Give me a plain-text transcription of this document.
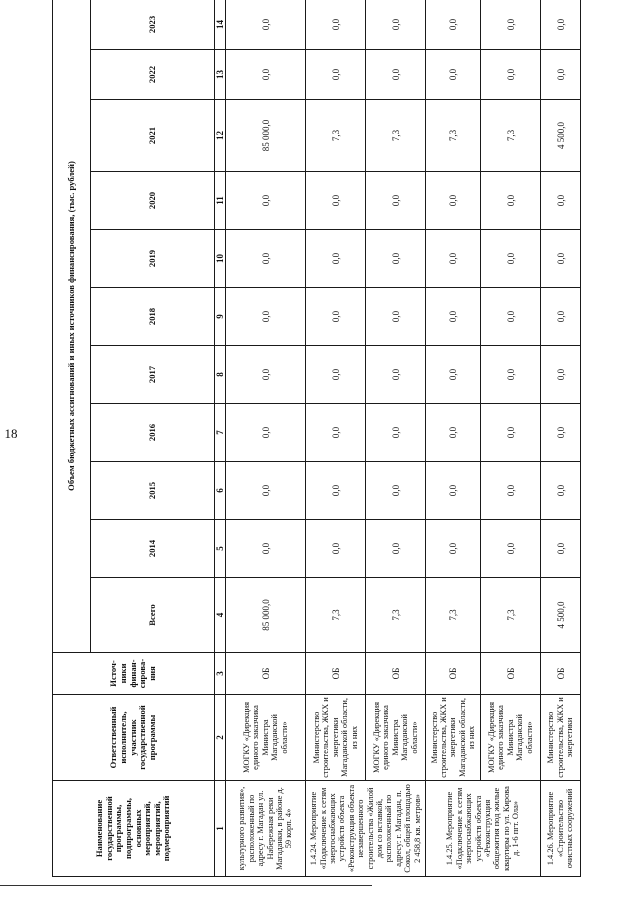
18
Наименование государственной программы, подпрограммы, основных мероприятий, мероприятий, подмероприятий	Ответственный исполнитель, участник государственной программы	Источ-ники финан-сирова-ния	Объем бюджетных ассигнований и иных источников финансирования, (тыс. рублей)										
			Всего	2014	2015	2016	2017	2018	2019	2020	2021	2022	2023
1	2	3	4	5	6	7	8	9	10	11	12	13	14
культурного развития», расположенный по адресу г. Магадан ул. Набережная реки Магаданки, в районе д. 59 корп. 4»	МОГКУ «Дирекция единого заказчика Министра Магаданской области»	ОБ	85 000,0	0,0	0,0	0,0	0,0	0,0	0,0	0,0	85 000,0	0,0	0,0
1.4.24. Мероприятие «Подключение к сетям энергоснабжающих устройств объекта «Реконструкция объекта незавершенного строительства «Жилой дом со вставкой, расположенный по адресу: г. Магадан, п. Сокол, общей площадью 2 458,8 кв. метров»	Министерство строительства, ЖКХ и энергетики Магаданской области, из них	ОБ	7,3	0,0	0,0	0,0	0,0	0,0	0,0	0,0	7,3	0,0	0,0
	МОГКУ «Дирекция единого заказчика Министра Магаданской области»	ОБ	7,3	0,0	0,0	0,0	0,0	0,0	0,0	0,0	7,3	0,0	0,0
1.4.25. Мероприятие «Подключение к сетям энергоснабжающих устройств объекта «Реконструкция общежития под жилые квартиры по ул. Кирова д. 1-6 пгт. Ола»	Министерство строительства, ЖКХ и энергетики Магаданской области, из них	ОБ	7,3	0,0	0,0	0,0	0,0	0,0	0,0	0,0	7,3	0,0	0,0
	МОГКУ «Дирекция единого заказчика Министра Магаданской области»	ОБ	7,3	0,0	0,0	0,0	0,0	0,0	0,0	0,0	7,3	0,0	0,0
1.4.26. Мероприятие «Строительство очистных сооружений	Министерство строительства, ЖКХ и энергетики	ОБ	4 500,0	0,0	0,0	0,0	0,0	0,0	0,0	0,0	4 500,0	0,0	0,0
